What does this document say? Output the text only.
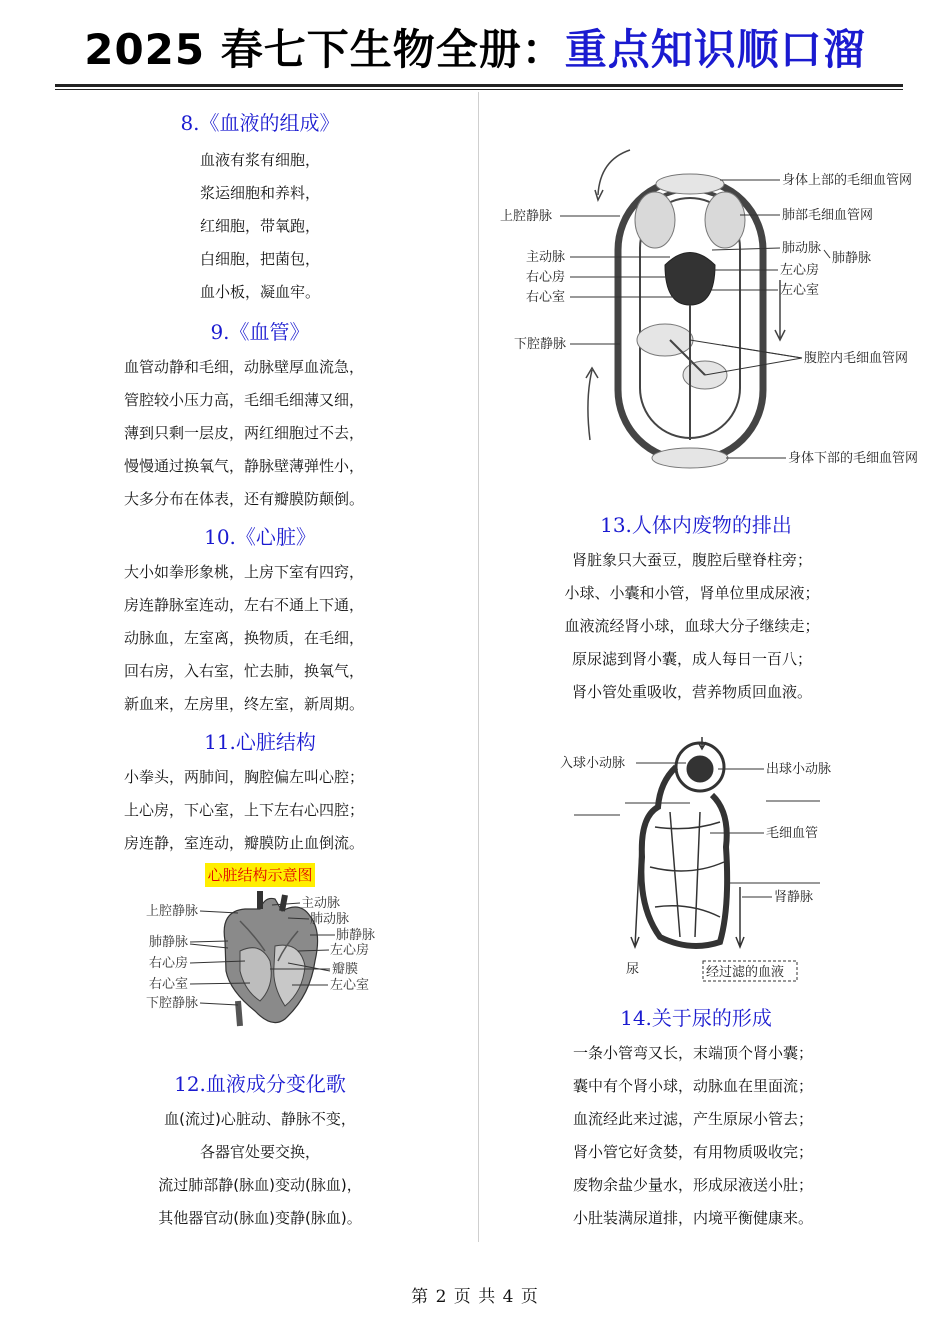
2025 春七下生物全册：重点知识顺口溜
8.《血液的组成》
血液有浆有细胞，
浆运细胞和养料，
红细胞，带氧跑，
白细胞，把菌包，
血小板，凝血牢。
9.《血管》
血管动静和毛细，动脉壁厚血流急，
管腔较小压力高，毛细毛细薄又细，
薄到只剩一层皮，两红细胞过不去，
慢慢通过换氧气，静脉壁薄弹性小，
大多分布在体表，还有瓣膜防颠倒。
10.《心脏》
大小如拳形象桃，上房下室有四窍，
房连静脉室连动，左右不通上下通，
动脉血，左室离，换物质，在毛细，
回右房，入右室，忙去肺，换氧气，
新血来，左房里，终左室，新周期。
11.心脏结构
小拳头，两肺间，胸腔偏左叫心腔；
上心房，下心室，上下左右心四腔；
房连静，室连动，瓣膜防止血倒流。
心脏结构示意图
上腔静脉
主动脉
肺动脉
肺静脉	肺静脉
左心房
右心房	瓣膜
右心室	左心室
下腔静脉
12.血液成分变化歌
血(流过)心脏动、静脉不变，
各器官处要交换，
流过肺部静(脉血)变动(脉血)，
其他器官动(脉血)变静(脉血)。
身体上部的毛细血管网
上腔静脉	肺部毛细血管网
主动脉
肺动脉
肺静脉
右心房	左心房
右心室	左心室
下腔静脉
腹腔内毛细血管网
身体下部的毛细血管网
13.人体内废物的排出
肾脏象只大蚕豆，腹腔后壁脊柱旁；
小球、小囊和小管，肾单位里成尿液；
血液流经肾小球，血球大分子继续走；
原尿滤到肾小囊，成人每日一百八；
肾小管处重吸收，营养物质回血液。
入球小动脉	出球小动脉
毛细血管
肾静脉
尿	经过滤的血液
14.关于尿的形成
一条小管弯又长，末端顶个肾小囊；
囊中有个肾小球，动脉血在里面流；
血流经此来过滤，产生原尿小管去；
肾小管它好贪婪，有用物质吸收完；
废物余盐少量水，形成尿液送小肚；
小肚装满尿道排，内境平衡健康来。
第 2 页 共 4 页
